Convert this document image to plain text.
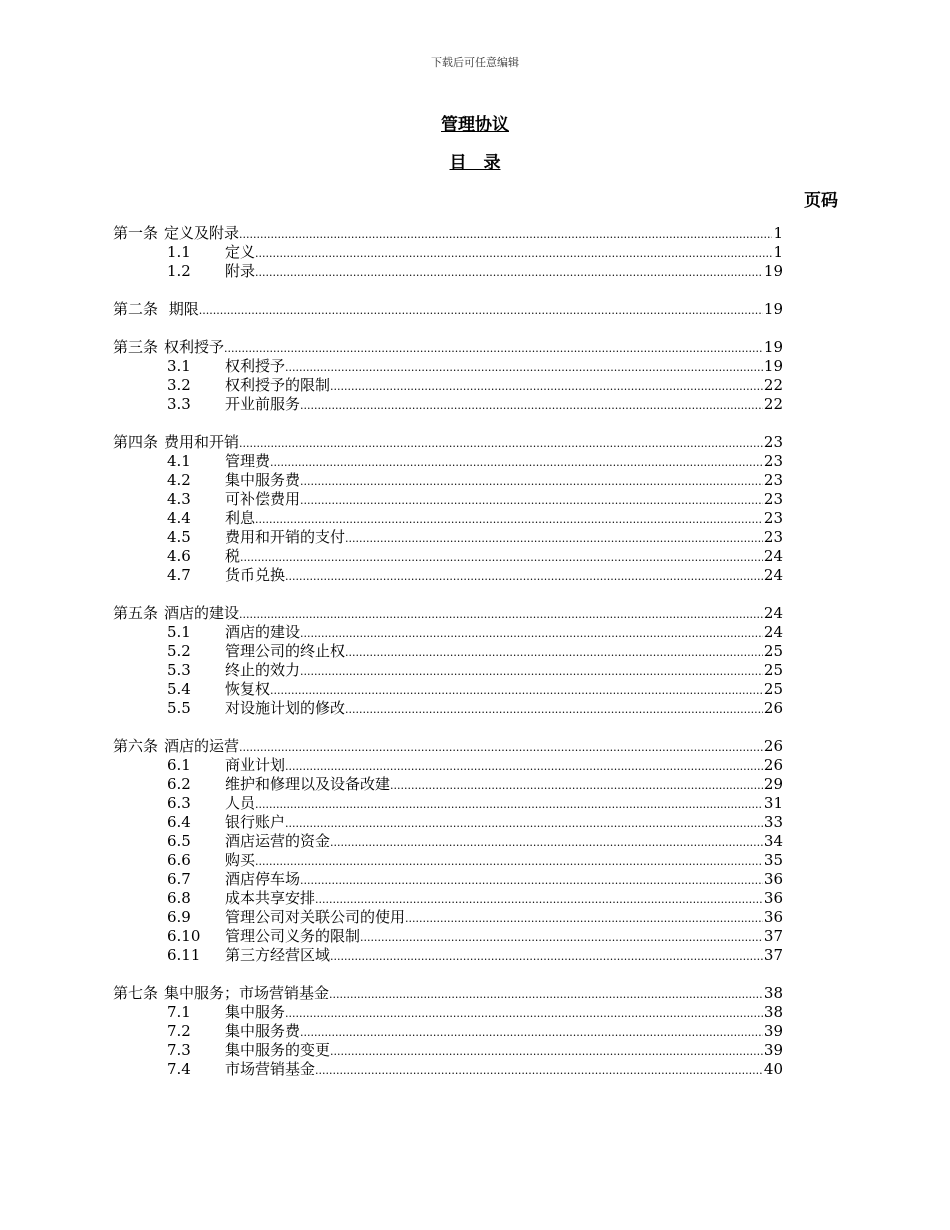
下载后可任意编辑
管理协议
目　录
页码
第一条 定义及附录 .....	1
1.1 定义 .....	1
1.2 附录 .....	19
第二条 期限 .....	19
第三条 权利授予 .....	19
3.1 权利授予 .....	19
3.2 权利授予的限制 .....	22
3.3 开业前服务 .....	22
第四条 费用和开销 .....	23
4.1 管理费 .....	23
4.2 集中服务费 .....	23
4.3 可补偿费用 .....	23
4.4 利息 .....	23
4.5 费用和开销的支付 .....	23
4.6 税 .....	24
4.7 货币兑换 .....	24
第五条 酒店的建设 .....	24
5.1 酒店的建设 .....	24
5.2 管理公司的终止权 .....	25
5.3 终止的效力 .....	25
5.4 恢复权 .....	25
5.5 对设施计划的修改 .....	26
第六条 酒店的运营 .....	26
6.1 商业计划 .....	26
6.2 维护和修理以及设备改建 .....	29
6.3 人员 .....	31
6.4 银行账户 .....	33
6.5 酒店运营的资金 .....	34
6.6 购买 .....	35
6.7 酒店停车场 .....	36
6.8 成本共享安排 .....	36
6.9 管理公司对关联公司的使用 .....	36
6.10 管理公司义务的限制 .....	37
6.11 第三方经营区域 .....	37
第七条 集中服务；市场营销基金 .....	38
7.1 集中服务 .....	38
7.2 集中服务费 .....	39
7.3 集中服务的变更 .....	39
7.4 市场营销基金 .....	40
